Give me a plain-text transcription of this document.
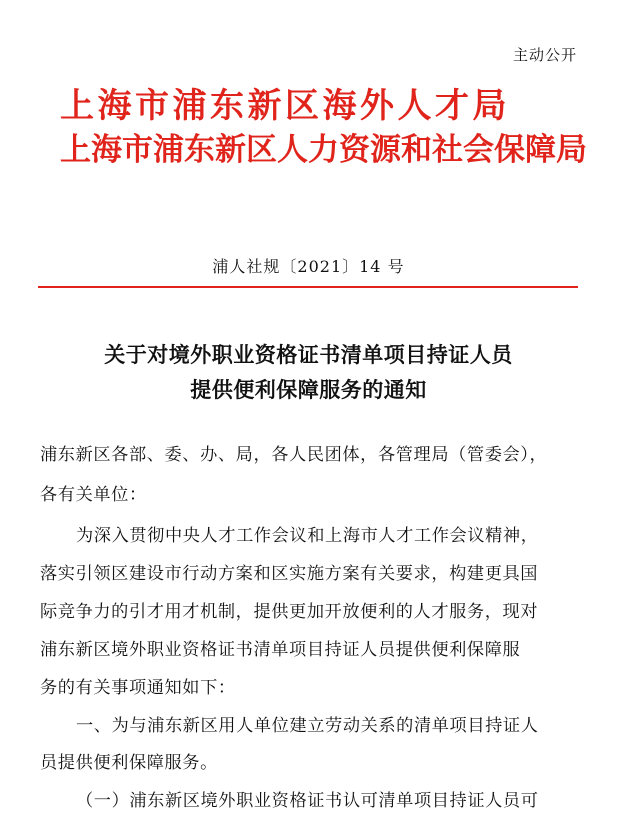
主动公开
上海市浦东新区海外人才局
上海市浦东新区人力资源和社会保障局
浦人社规〔2021〕14 号
关于对境外职业资格证书清单项目持证人员
提供便利保障服务的通知
浦东新区各部、委、办、局，各人民团体，各管理局（管委会），
各有关单位：
为深入贯彻中央人才工作会议和上海市人才工作会议精神，
落实引领区建设市行动方案和区实施方案有关要求，构建更具国
际竞争力的引才用才机制，提供更加开放便利的人才服务，现对
浦东新区境外职业资格证书清单项目持证人员提供便利保障服
务的有关事项通知如下：
一、为与浦东新区用人单位建立劳动关系的清单项目持证人
员提供便利保障服务。
（一）浦东新区境外职业资格证书认可清单项目持证人员可
